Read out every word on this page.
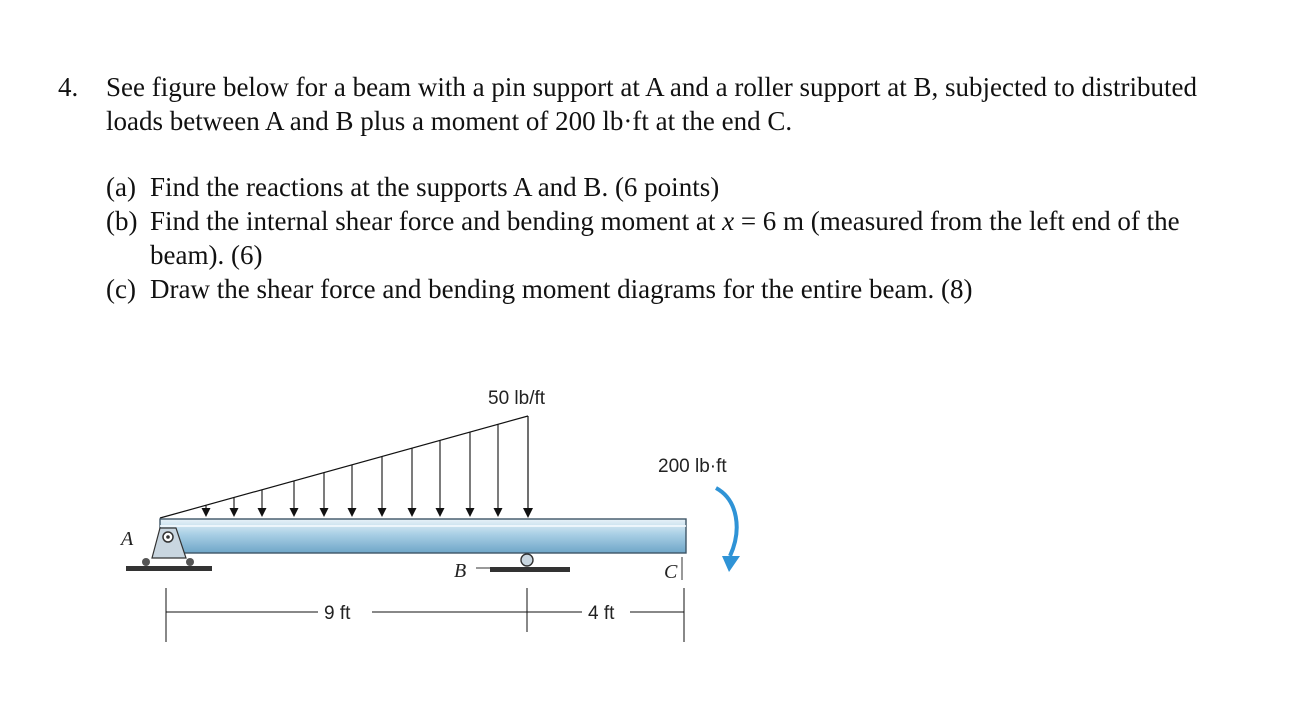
4. See figure below for a beam with a pin support at A and a roller support at B, subjected to distributed loads between A and B plus a moment of 200 lb·ft at the end C.
(a) Find the reactions at the supports A and B. (6 points)
(b) Find the internal shear force and bending moment at x = 6 m (measured from the left end of the beam). (6)
(c) Draw the shear force and bending moment diagrams for the entire beam. (8)
50 lb/ft
200 lb·ft
A
B	C
9 ft	4 ft
